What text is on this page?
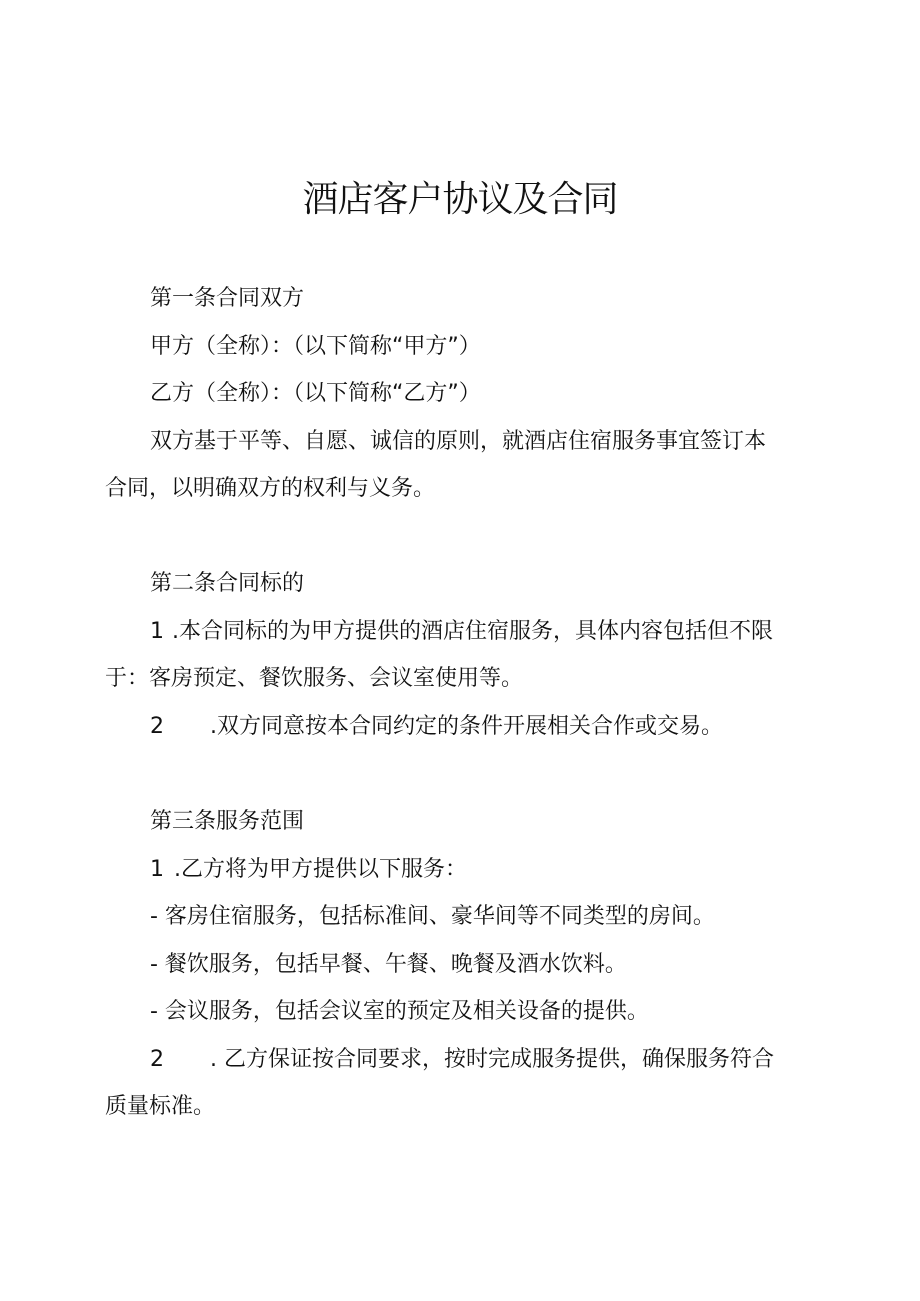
酒店客户协议及合同
第一条合同双方
甲方（全称）：（以下简称“甲方”）
乙方（全称）：（以下简称“乙方”）
双方基于平等、自愿、诚信的原则，就酒店住宿服务事宜签订本
合同，以明确双方的权利与义务。
第二条合同标的
1 .本合同标的为甲方提供的酒店住宿服务，具体内容包括但不限
于：客房预定、餐饮服务、会议室使用等。
2 .双方同意按本合同约定的条件开展相关合作或交易。
第三条服务范围
1 .乙方将为甲方提供以下服务：
- 客房住宿服务，包括标准间、豪华间等不同类型的房间。
- 餐饮服务，包括早餐、午餐、晚餐及酒水饮料。
- 会议服务，包括会议室的预定及相关设备的提供。
2 . 乙方保证按合同要求，按时完成服务提供，确保服务符合
质量标准。
